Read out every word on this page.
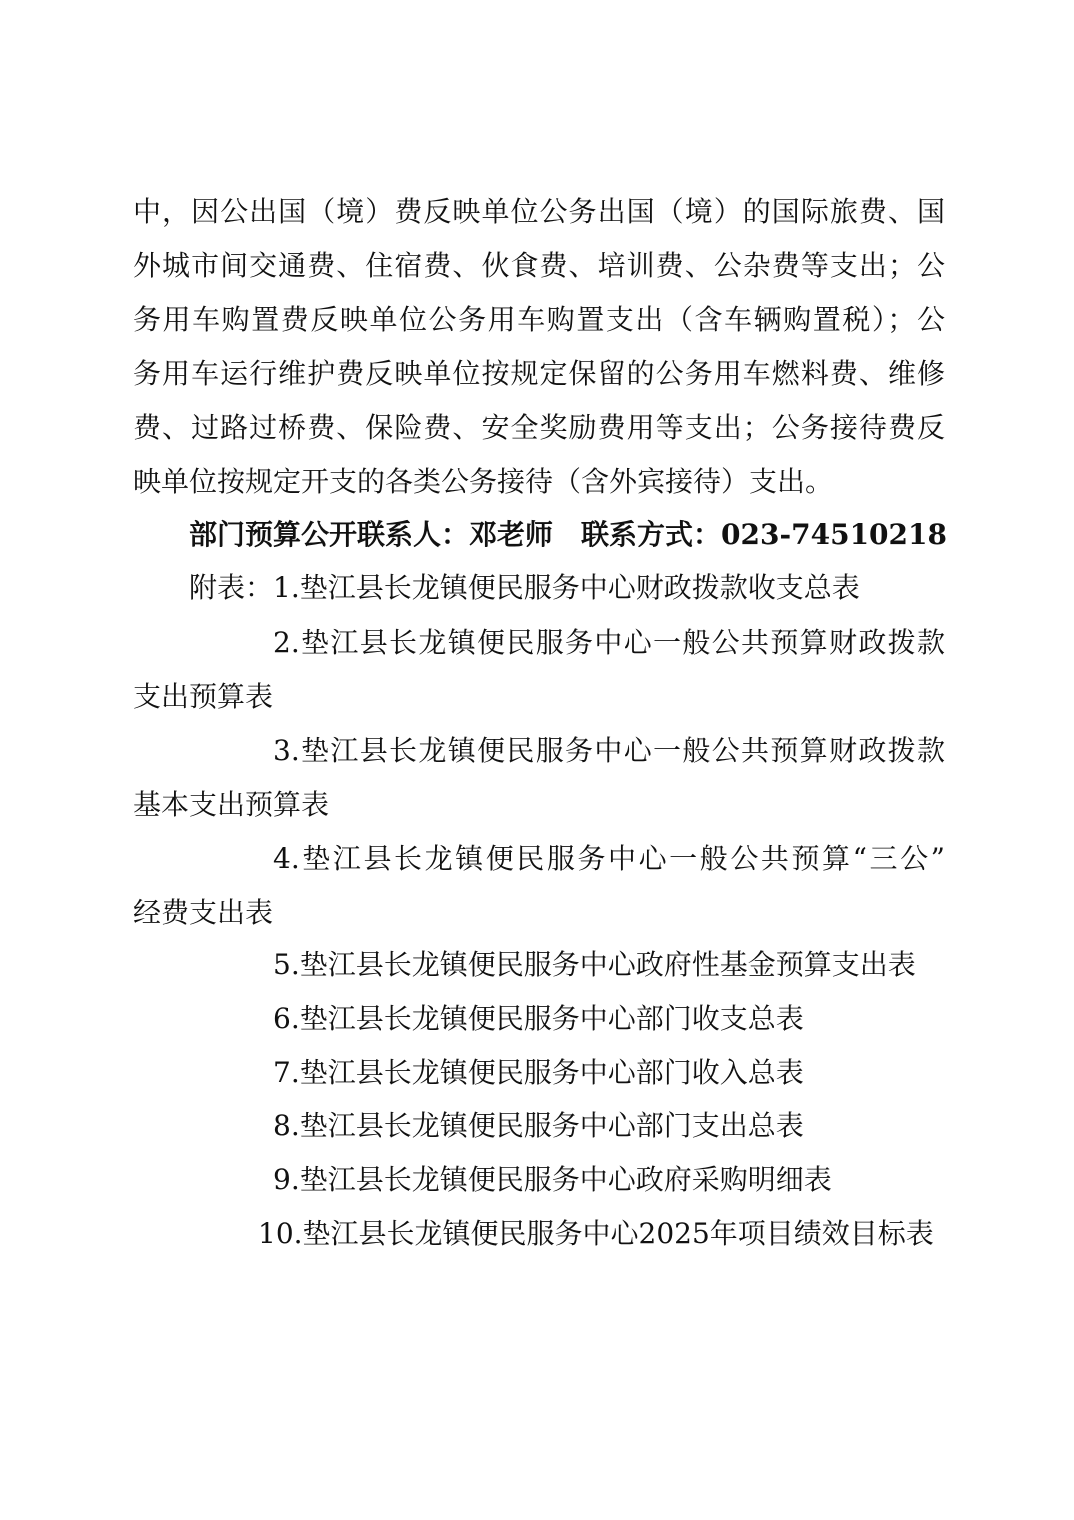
中，因公出国（境）费反映单位公务出国（境）的国际旅费、国
外城市间交通费、住宿费、伙食费、培训费、公杂费等支出；公
务用车购置费反映单位公务用车购置支出（含车辆购置税）；公
务用车运行维护费反映单位按规定保留的公务用车燃料费、维修
费、过路过桥费、保险费、安全奖励费用等支出；公务接待费反
映单位按规定开支的各类公务接待（含外宾接待）支出。
部门预算公开联系人：邓老师 联系方式：023-74510218
附表：1.垫江县长龙镇便民服务中心财政拨款收支总表
2.垫江县长龙镇便民服务中心一般公共预算财政拨款
支出预算表
3.垫江县长龙镇便民服务中心一般公共预算财政拨款
基本支出预算表
4.垫江县长龙镇便民服务中心一般公共预算“三公”
经费支出表
5.垫江县长龙镇便民服务中心政府性基金预算支出表
6.垫江县长龙镇便民服务中心部门收支总表
7.垫江县长龙镇便民服务中心部门收入总表
8.垫江县长龙镇便民服务中心部门支出总表
9.垫江县长龙镇便民服务中心政府采购明细表
10.垫江县长龙镇便民服务中心2025年项目绩效目标表
